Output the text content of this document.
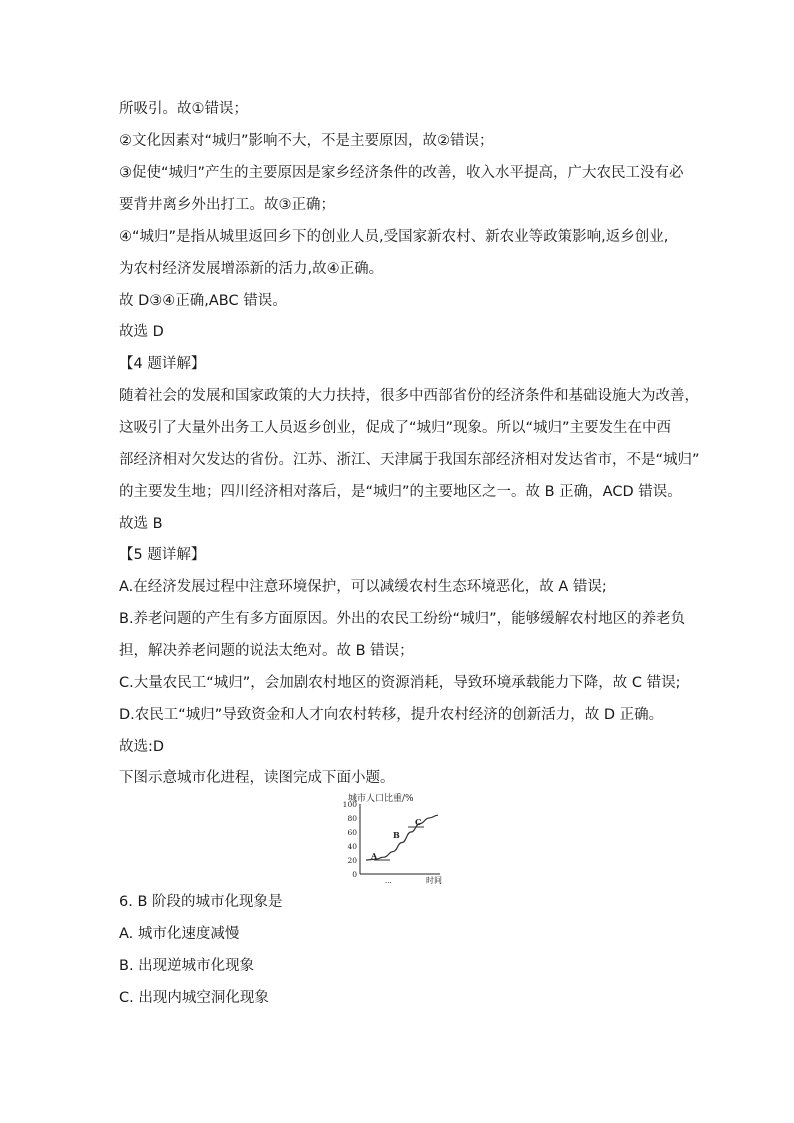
所吸引。故①错误；
②文化因素对“城归”影响不大，不是主要原因，故②错误；
③促使“城归”产生的主要原因是家乡经济条件的改善，收入水平提高，广大农民工没有必
要背井离乡外出打工。故③正确；
④“城归”是指从城里返回乡下的创业人员,受国家新农村、新农业等政策影响,返乡创业,
为农村经济发展增添新的活力,故④正确。
故 D③④正确,ABC 错误。
故选 D
【4 题详解】
随着社会的发展和国家政策的大力扶持，很多中西部省份的经济条件和基础设施大为改善，
这吸引了大量外出务工人员返乡创业，促成了“城归”现象。所以“城归”主要发生在中西
部经济相对欠发达的省份。江苏、浙江、天津属于我国东部经济相对发达省市，不是“城归”
的主要发生地；四川经济相对落后，是“城归”的主要地区之一。故 B 正确，ACD 错误。
故选 B
【5 题详解】
A.在经济发展过程中注意环境保护，可以减缓农村生态环境恶化，故 A 错误;
B.养老问题的产生有多方面原因。外出的农民工纷纷“城归”，能够缓解农村地区的养老负
担，解决养老问题的说法太绝对。故 B 错误；
C.大量农民工“城归”，会加剧农村地区的资源消耗，导致环境承载能力下降，故 C 错误;
D.农民工“城归”导致资金和人才向农村转移，提升农村经济的创新活力，故 D 正确。
故选:D
下图示意城市化进程，读图完成下面小题。
城市人口比重/%
100
80
60
40
20
0
A
B
C
...	时间
6. B 阶段的城市化现象是
A. 城市化速度减慢
B. 出现逆城市化现象
C. 出现内城空洞化现象
